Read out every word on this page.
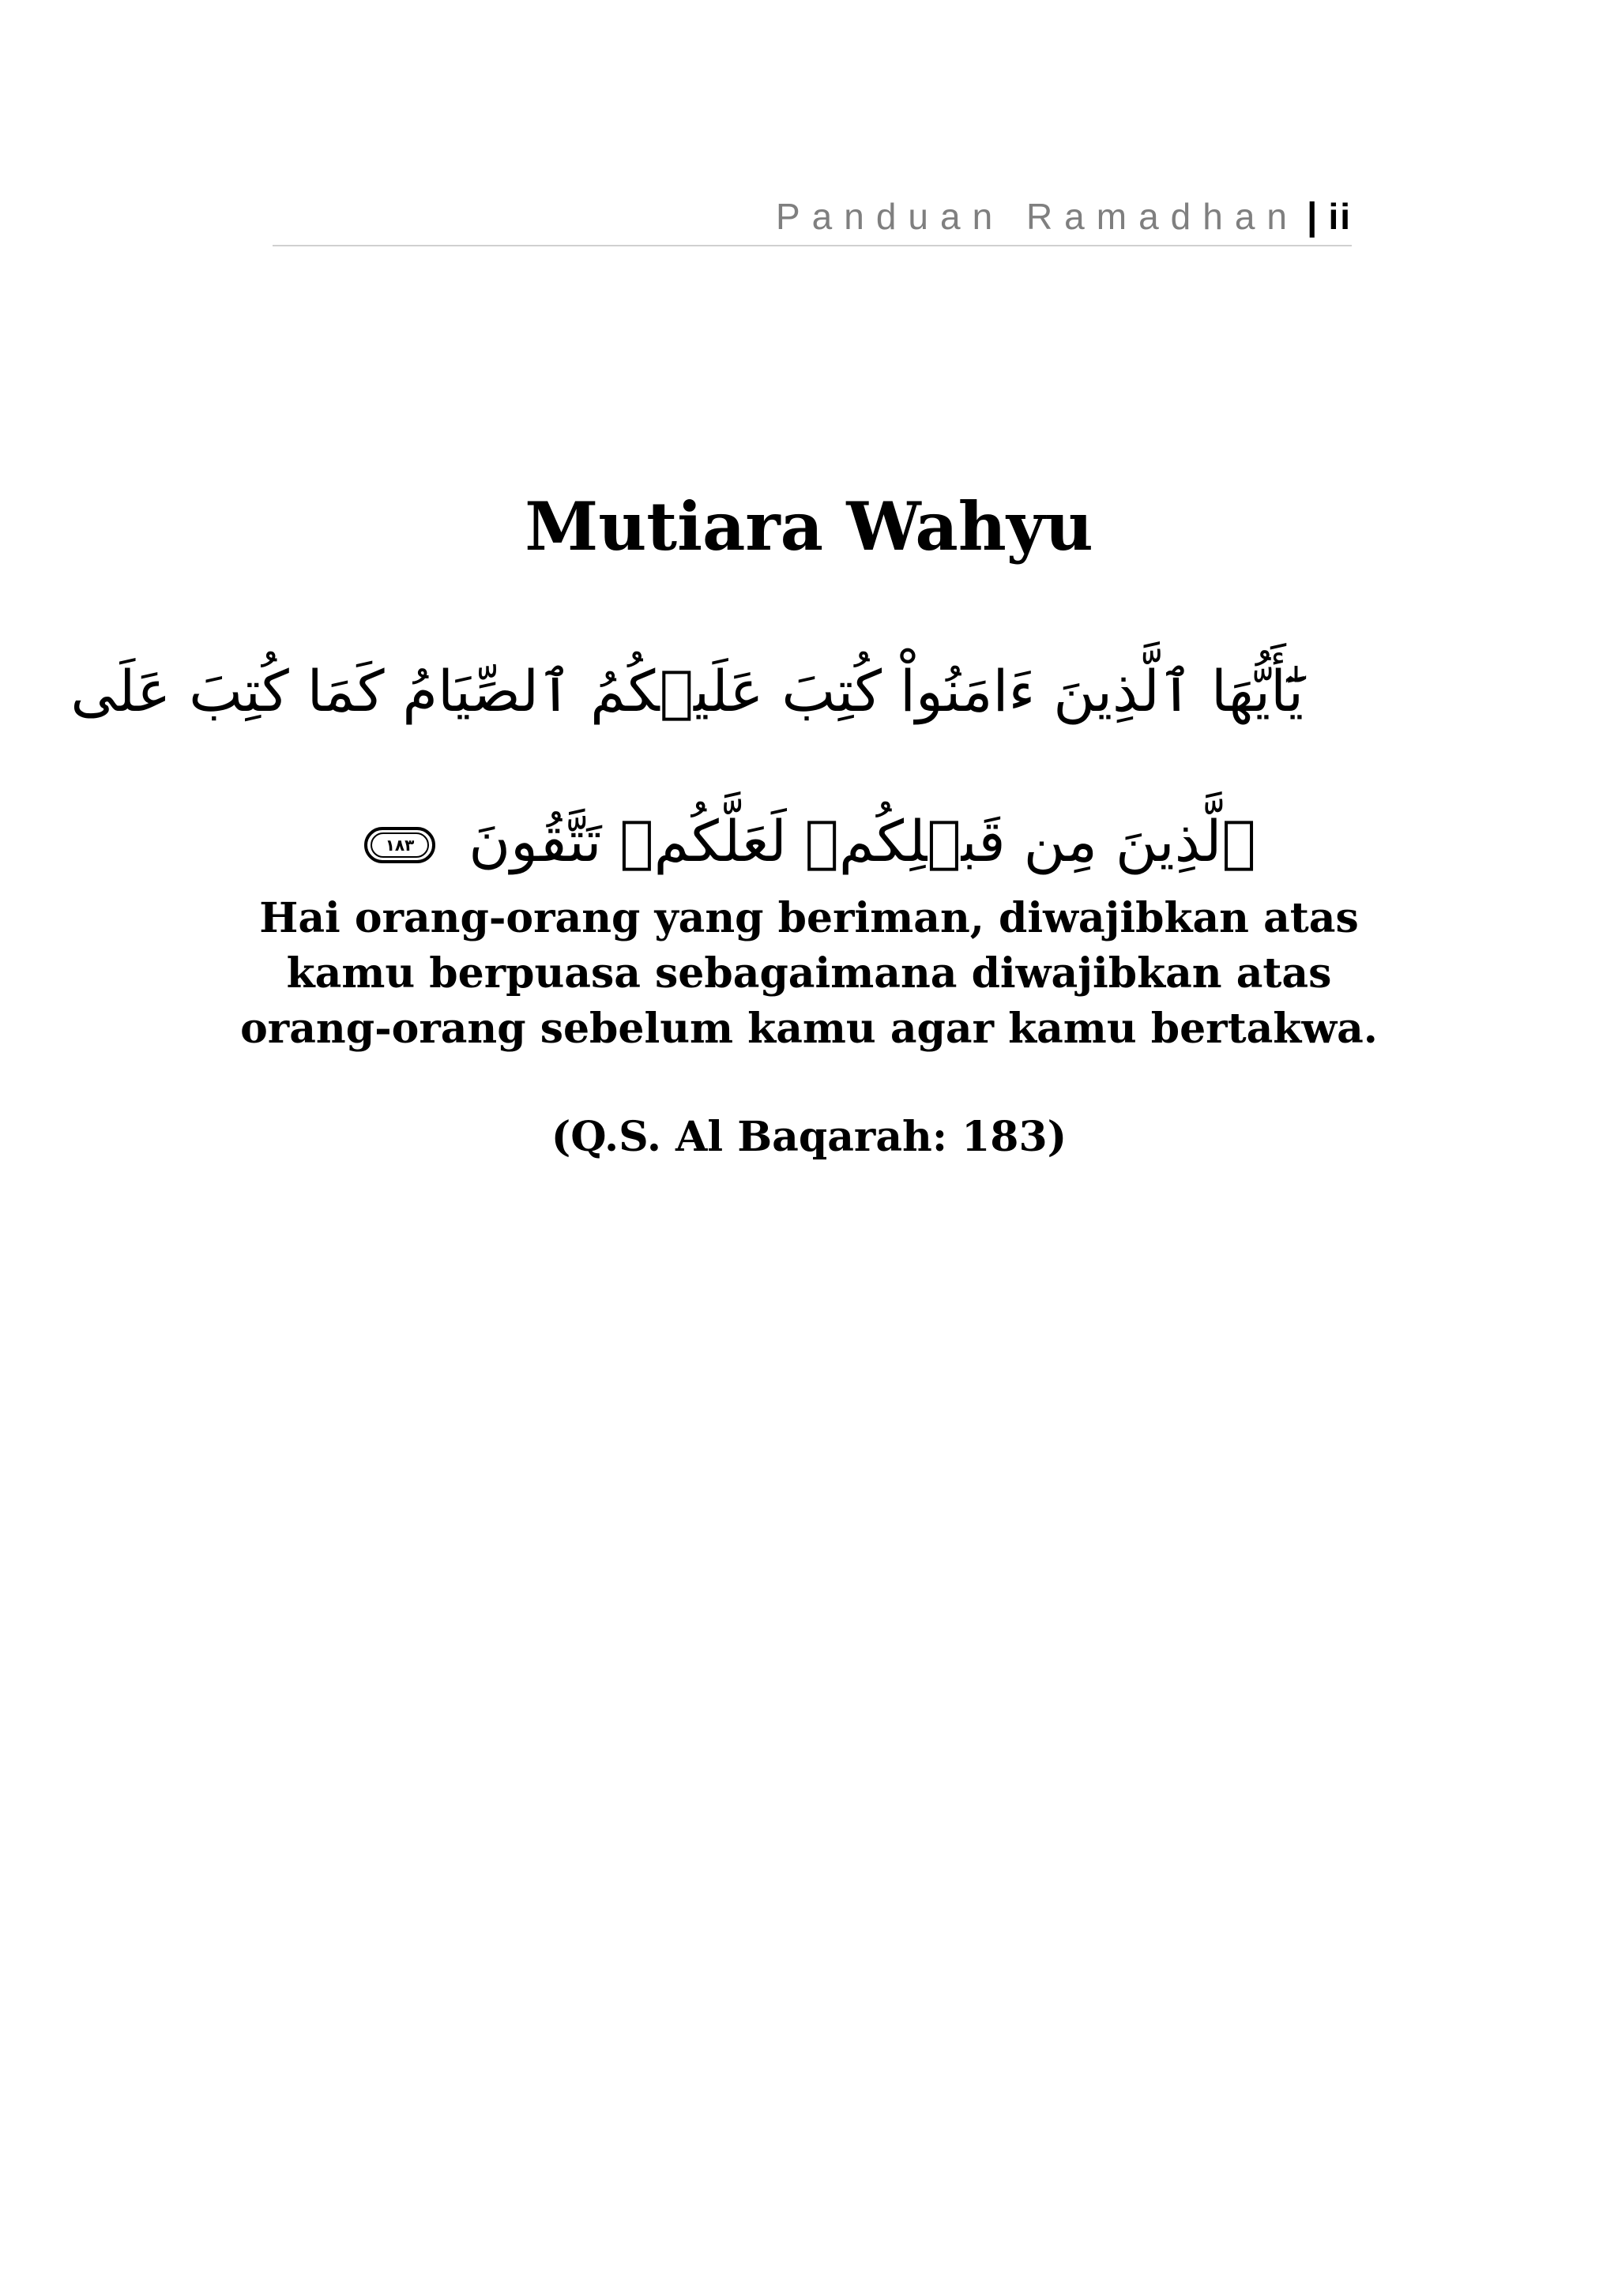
Panduan Ramadhan | ii
Mutiara Wahyu
يَٰٓأَيُّهَا ٱلَّذِينَ ءَامَنُواْ كُتِبَ عَلَيۡكُمُ ٱلصِّيَامُ كَمَا كُتِبَ عَلَى
ٱلَّذِينَ مِن قَبۡلِكُمۡ لَعَلَّكُمۡ تَتَّقُونَ
١٨٣
Hai orang-orang yang beriman, diwajibkan atas
kamu berpuasa sebagaimana diwajibkan atas
orang-orang sebelum kamu agar kamu bertakwa.
(Q.S. Al Baqarah: 183)
